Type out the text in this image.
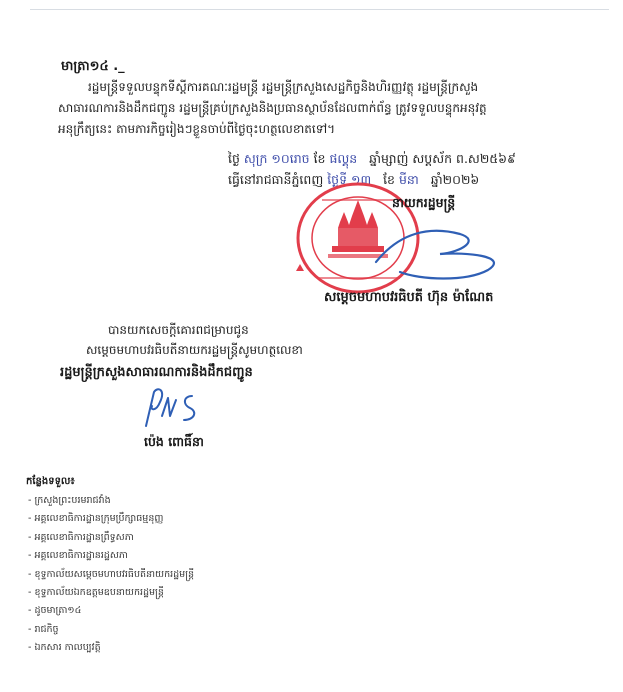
មាត្រា១៤ ._
រដ្ឋមន្ត្រីទទួលបន្ទុកទីស្ដីការគណៈរដ្ឋមន្ត្រី រដ្ឋមន្ត្រីក្រសួងសេដ្ឋកិច្ចនិងហិរញ្ញវត្ថុ រដ្ឋមន្ត្រីក្រសួង
សាធារណការនិងដឹកជញ្ជូន រដ្ឋមន្ត្រីគ្រប់ក្រសួងនិងប្រធានស្ថាប័នដែលពាក់ព័ន្ធ ត្រូវទទួលបន្ទុកអនុវត្ត
អនុក្រឹត្យនេះ តាមភារកិច្ចរៀងៗខ្លួនចាប់ពីថ្ងៃចុះហត្ថលេខាតទៅ។
ថ្ងៃ សុក្រ ១០រោច ខែ ផល្គុន ឆ្នាំម្សាញ់ សប្តស័ក ព.ស២៥៦៩
ធ្វើនៅរាជធានីភ្នំពេញ ថ្ងៃទី ១៣ ខែ មីនា ឆ្នាំ២០២៦
នាយករដ្ឋមន្ត្រី
សម្តេចមហាបវរធិបតី ហ៊ុន ម៉ាណែត
បានយកសេចក្តីគោរពជម្រាបជូន
សម្តេចមហាបវរធិបតីនាយករដ្ឋមន្ត្រីសូមហត្ថលេខា
រដ្ឋមន្ត្រីក្រសួងសាធារណការនិងដឹកជញ្ជូន
ប៉េង ពោធិ៍នា
កន្លែងទទួល៖
- ក្រសួងព្រះបរមរាជវាំង
- អគ្គលេខាធិការដ្ឋានក្រុមប្រឹក្សាធម្មនុញ្ញ
- អគ្គលេខាធិការដ្ឋានព្រឹទ្ធសភា
- អគ្គលេខាធិការដ្ឋានរដ្ឋសភា
- ខុទ្ទកាល័យសម្តេចមហាបវរធិបតីនាយករដ្ឋមន្ត្រី
- ខុទ្ទកាល័យឯកឧត្តមឧបនាយករដ្ឋមន្ត្រី
- ដូចមាត្រា១៤
- រាជកិច្ច
- ឯកសារ កាលប្បវត្តិ
